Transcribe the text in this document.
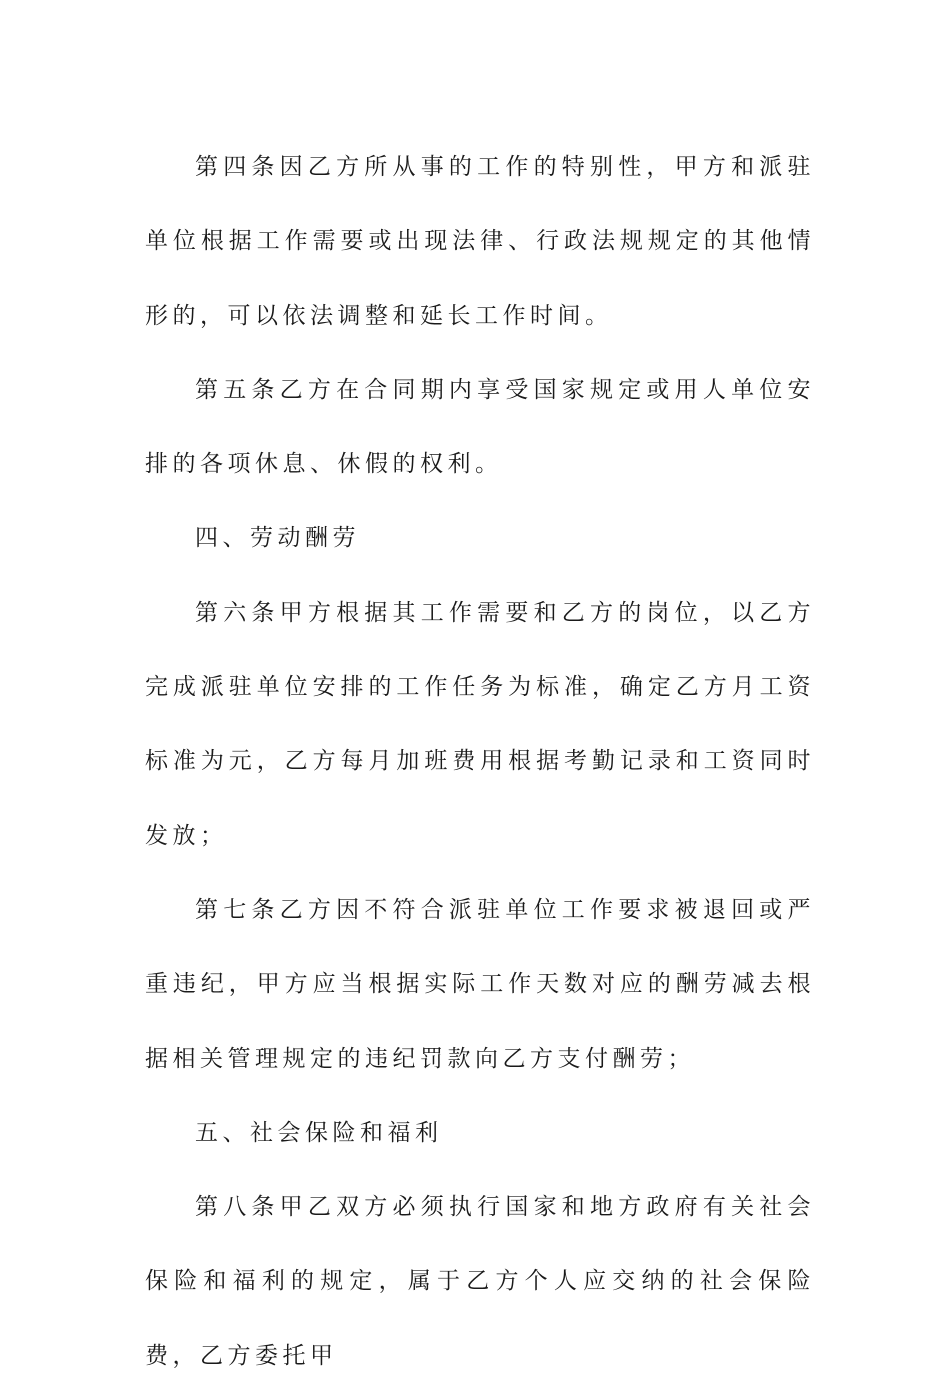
第四条因乙方所从事的工作的特别性，甲方和派驻单位根据工作需要或出现法律、行政法规规定的其他情形的，可以依法调整和延长工作时间。

第五条乙方在合同期内享受国家规定或用人单位安排的各项休息、休假的权利。

四、劳动酬劳

第六条甲方根据其工作需要和乙方的岗位，以乙方完成派驻单位安排的工作任务为标准，确定乙方月工资标准为元，乙方每月加班费用根据考勤记录和工资同时发放；

第七条乙方因不符合派驻单位工作要求被退回或严重违纪，甲方应当根据实际工作天数对应的酬劳减去根据相关管理规定的违纪罚款向乙方支付酬劳；

五、社会保险和福利

第八条甲乙双方必须执行国家和地方政府有关社会保险和福利的规定，属于乙方个人应交纳的社会保险费，乙方委托甲
